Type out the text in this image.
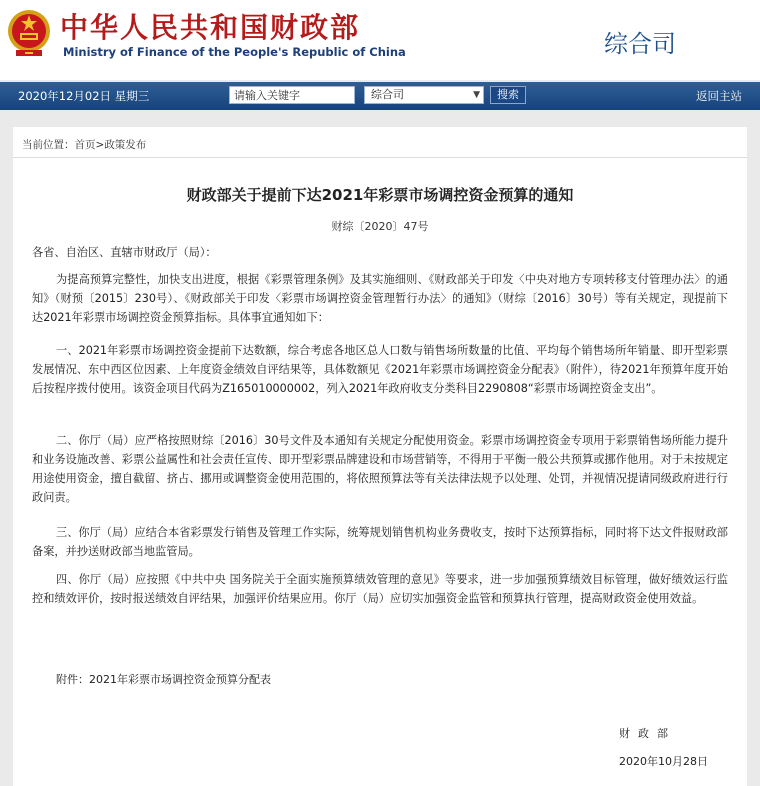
中华人民共和国财政部
Ministry of Finance of the People's Republic of China	综合司
2020年12月02日 星期三	请输入关键字	综合司	▼	搜索	返回主站
当前位置：首页>政策发布
财政部关于提前下达2021年彩票市场调控资金预算的通知
财综〔2020〕47号
各省、自治区、直辖市财政厅（局）：
为提高预算完整性，加快支出进度，根据《彩票管理条例》及其实施细则、《财政部关于印发〈中央对地方专项转移支付管理办法〉的通知》（财预〔2015〕230号）、《财政部关于印发〈彩票市场调控资金管理暂行办法〉的通知》（财综〔2016〕30号）等有关规定，现提前下达2021年彩票市场调控资金预算指标。具体事宜通知如下：
一、2021年彩票市场调控资金提前下达数额，综合考虑各地区总人口数与销售场所数量的比值、平均每个销售场所年销量、即开型彩票发展情况、东中西区位因素、上年度资金绩效自评结果等，具体数额见《2021年彩票市场调控资金分配表》（附件），待2021年预算年度开始后按程序拨付使用。该资金项目代码为Z165010000002，列入2021年政府收支分类科目2290808“彩票市场调控资金支出”。
二、你厅（局）应严格按照财综〔2016〕30号文件及本通知有关规定分配使用资金。彩票市场调控资金专项用于彩票销售场所能力提升和业务设施改善、彩票公益属性和社会责任宣传、即开型彩票品牌建设和市场营销等，不得用于平衡一般公共预算或挪作他用。对于未按规定用途使用资金，擅自截留、挤占、挪用或调整资金使用范围的，将依照预算法等有关法律法规予以处理、处罚，并视情况提请同级政府进行行政问责。
三、你厅（局）应结合本省彩票发行销售及管理工作实际，统筹规划销售机构业务费收支，按时下达预算指标，同时将下达文件报财政部备案，并抄送财政部当地监管局。
四、你厅（局）应按照《中共中央 国务院关于全面实施预算绩效管理的意见》等要求，进一步加强预算绩效目标管理，做好绩效运行监控和绩效评价，按时报送绩效自评结果，加强评价结果应用。你厅（局）应切实加强资金监管和预算执行管理，提高财政资金使用效益。
附件：2021年彩票市场调控资金预算分配表
财政部
2020年10月28日
